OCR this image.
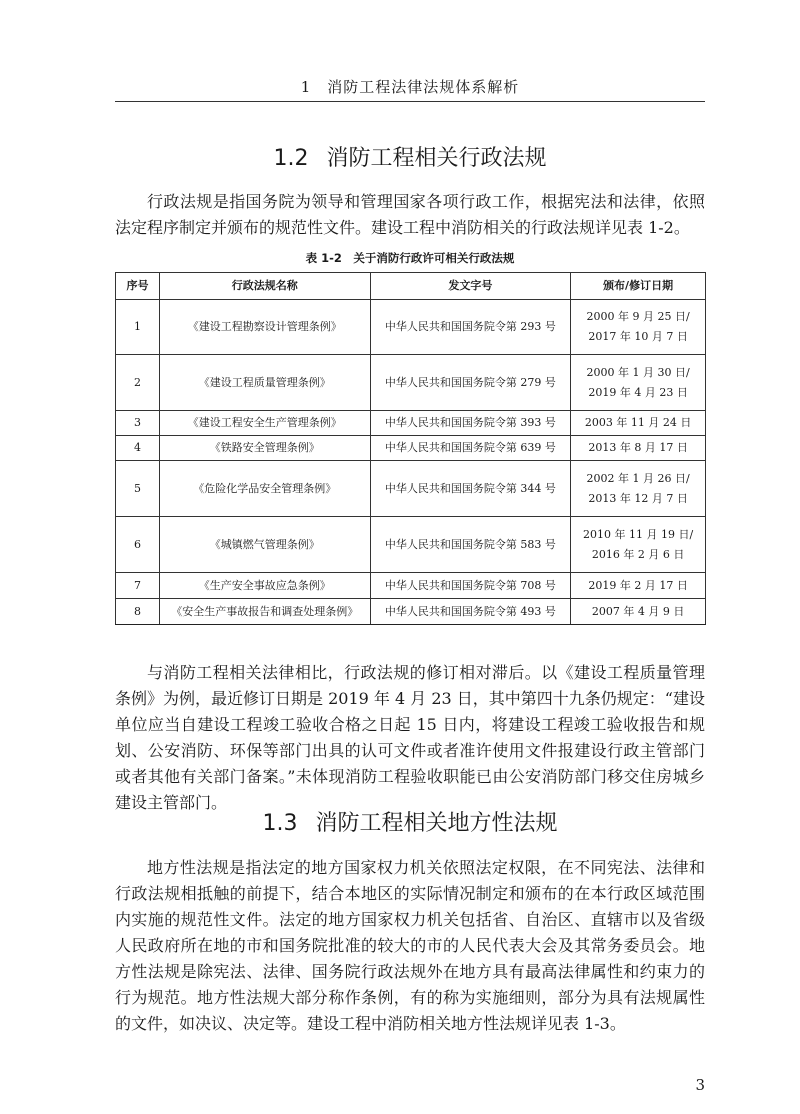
1　消防工程法律法规体系解析
1.2 消防工程相关行政法规

行政法规是指国务院为领导和管理国家各项行政工作，根据宪法和法律，依照法定程序制定并颁布的规范性文件。建设工程中消防相关的行政法规详见表 1-2。

表 1-2　关于消防行政许可相关行政法规
序号	行政法规名称	发文字号	颁布/修订日期
1	《建设工程勘察设计管理条例》	中华人民共和国国务院令第 293 号	2000 年 9 月 25 日/
2017 年 10 月 7 日

2	《建设工程质量管理条例》	中华人民共和国国务院令第 279 号	2000 年 1 月 30 日/
2019 年 4 月 23 日

3	《建设工程安全生产管理条例》	中华人民共和国国务院令第 393 号	2003 年 11 月 24 日
4	《铁路安全管理条例》	中华人民共和国国务院令第 639 号	2013 年 8 月 17 日
5	《危险化学品安全管理条例》	中华人民共和国国务院令第 344 号	2002 年 1 月 26 日/
2013 年 12 月 7 日

6	《城镇燃气管理条例》	中华人民共和国国务院令第 583 号	2010 年 11 月 19 日/
2016 年 2 月 6 日

7	《生产安全事故应急条例》	中华人民共和国国务院令第 708 号	2019 年 2 月 17 日
8	《安全生产事故报告和调查处理条例》	中华人民共和国国务院令第 493 号	2007 年 4 月 9 日

与消防工程相关法律相比，行政法规的修订相对滞后。以《建设工程质量管理条例》为例，最近修订日期是 2019 年 4 月 23 日，其中第四十九条仍规定：“建设单位应当自建设工程竣工验收合格之日起 15 日内，将建设工程竣工验收报告和规划、公安消防、环保等部门出具的认可文件或者准许使用文件报建设行政主管部门或者其他有关部门备案。”未体现消防工程验收职能已由公安消防部门移交住房城乡建设主管部门。

1.3 消防工程相关地方性法规

地方性法规是指法定的地方国家权力机关依照法定权限，在不同宪法、法律和行政法规相抵触的前提下，结合本地区的实际情况制定和颁布的在本行政区域范围内实施的规范性文件。法定的地方国家权力机关包括省、自治区、直辖市以及省级人民政府所在地的市和国务院批准的较大的市的人民代表大会及其常务委员会。地方性法规是除宪法、法律、国务院行政法规外在地方具有最高法律属性和约束力的行为规范。地方性法规大部分称作条例，有的称为实施细则，部分为具有法规属性的文件，如决议、决定等。建设工程中消防相关地方性法规详见表 1-3。

3
